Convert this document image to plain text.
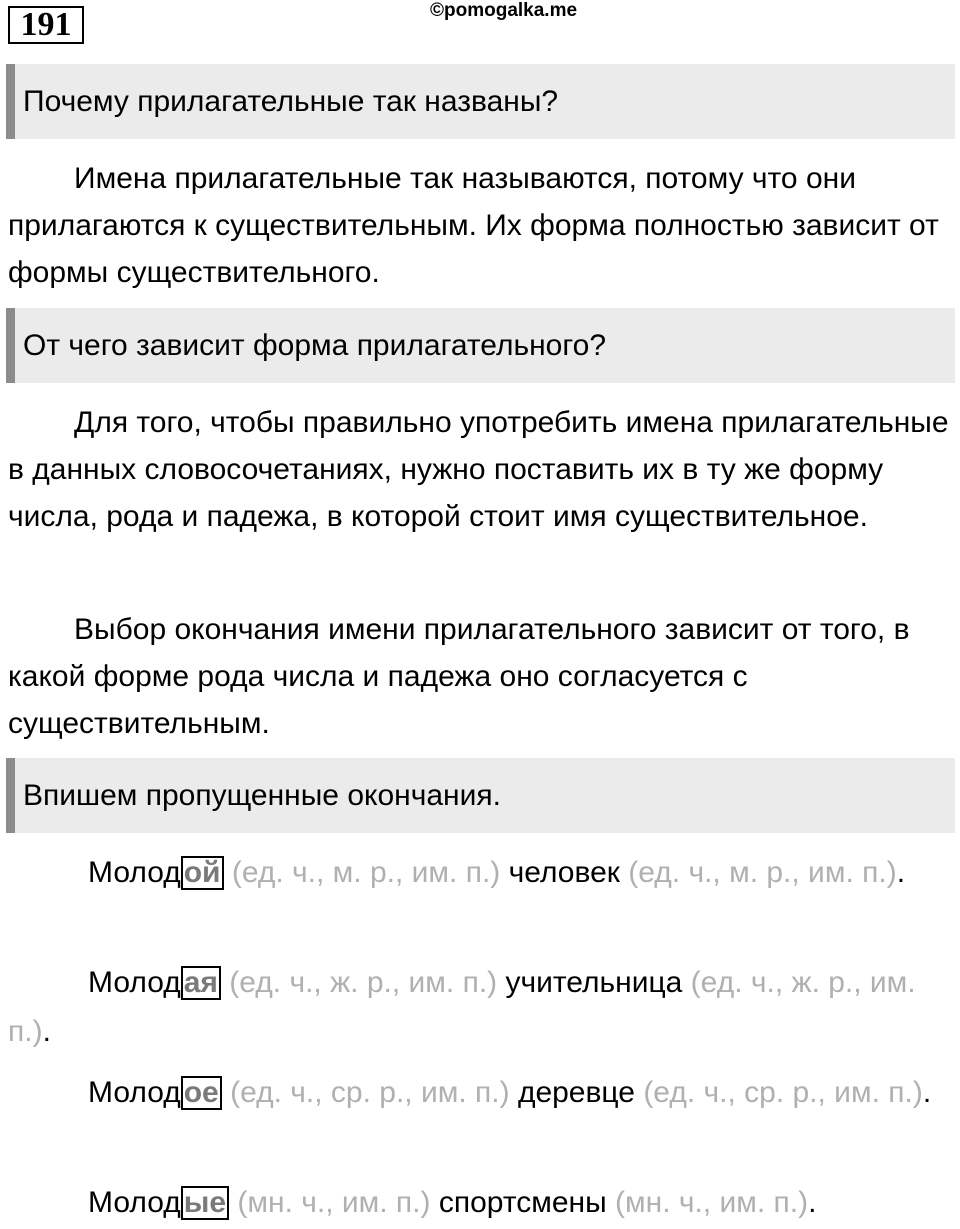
191	©pomogalka.me
Почему прилагательные так названы?

Имена прилагательные так называются, потому что они прилагаются к существительным. Их форма полностью зависит от формы существительного.

От чего зависит форма прилагательного?

Для того, чтобы правильно употребить имена прилагательные в данных словосочетаниях, нужно поставить их в ту же форму числа, рода и падежа, в которой стоит имя существительное.

Выбор окончания имени прилагательного зависит от того, в какой форме рода числа и падежа оно согласуется с существительным.

Впишем пропущенные окончания.

Молод ой (ед. ч., м. р., им. п.) человек (ед. ч., м. р., им. п.).

Молод ая (ед. ч., ж. р., им. п.) учительница (ед. ч., ж. р., им. п.).

Молод ое (ед. ч., ср. р., им. п.) деревце (ед. ч., ср. р., им. п.).

Молод ые (мн. ч., им. п.) спортсмены (мн. ч., им. п.).
